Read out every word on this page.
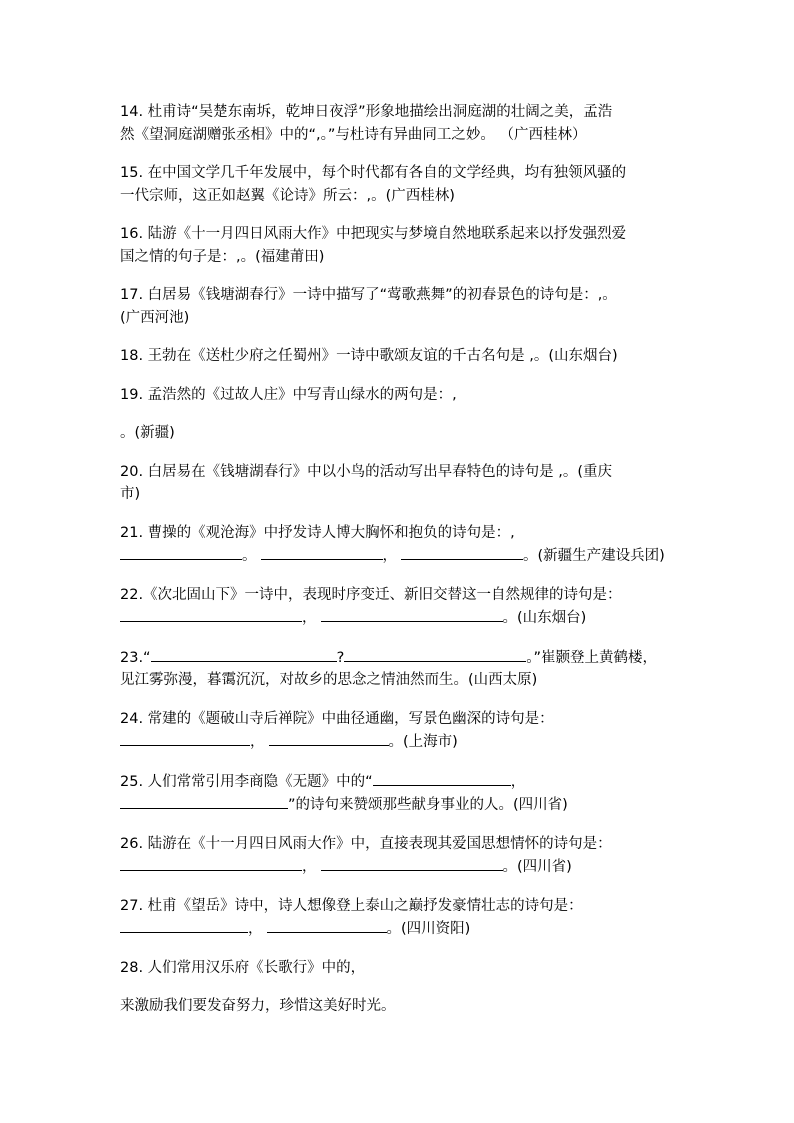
14. 杜甫诗“吴楚东南坼，乾坤日夜浮”形象地描绘出洞庭湖的壮阔之美，孟浩
然《望洞庭湖赠张丞相》中的“,。”与杜诗有异曲同工之妙。 （广西桂林）
15. 在中国文学几千年发展中，每个时代都有各自的文学经典，均有独领风骚的
一代宗师，这正如赵翼《论诗》所云：,。(广西桂林)
16. 陆游《十一月四日风雨大作》中把现实与梦境自然地联系起来以抒发强烈爱
国之情的句子是：,。(福建莆田)
17. 白居易《钱塘湖春行》一诗中描写了“莺歌燕舞”的初春景色的诗句是：,。
(广西河池)
18. 王勃在《送杜少府之任蜀州》一诗中歌颂友谊的千古名句是 ,。(山东烟台)
19. 孟浩然的《过故人庄》中写青山绿水的两句是：,
。(新疆)
20. 白居易在《钱塘湖春行》中以小鸟的活动写出早春特色的诗句是 ,。(重庆
市)
21. 曹操的《观沧海》中抒发诗人博大胸怀和抱负的诗句是：,
。	，	。(新疆生产建设兵团)
22.《次北固山下》一诗中，表现时序变迁、新旧交替这一自然规律的诗句是：
，	。(山东烟台)
23.“	?	。”崔颢登上黄鹤楼，
见江雾弥漫，暮霭沉沉，对故乡的思念之情油然而生。(山西太原)
24. 常建的《题破山寺后禅院》中曲径通幽，写景色幽深的诗句是：
，	。(上海市)
25. 人们常常引用李商隐《无题》中的“	，
”的诗句来赞颂那些献身事业的人。(四川省)
26. 陆游在《十一月四日风雨大作》中，直接表现其爱国思想情怀的诗句是：
，	。(四川省)
27. 杜甫《望岳》诗中，诗人想像登上泰山之巅抒发豪情壮志的诗句是：
，	。(四川资阳)
28. 人们常用汉乐府《长歌行》中的，
来激励我们要发奋努力，珍惜这美好时光。
